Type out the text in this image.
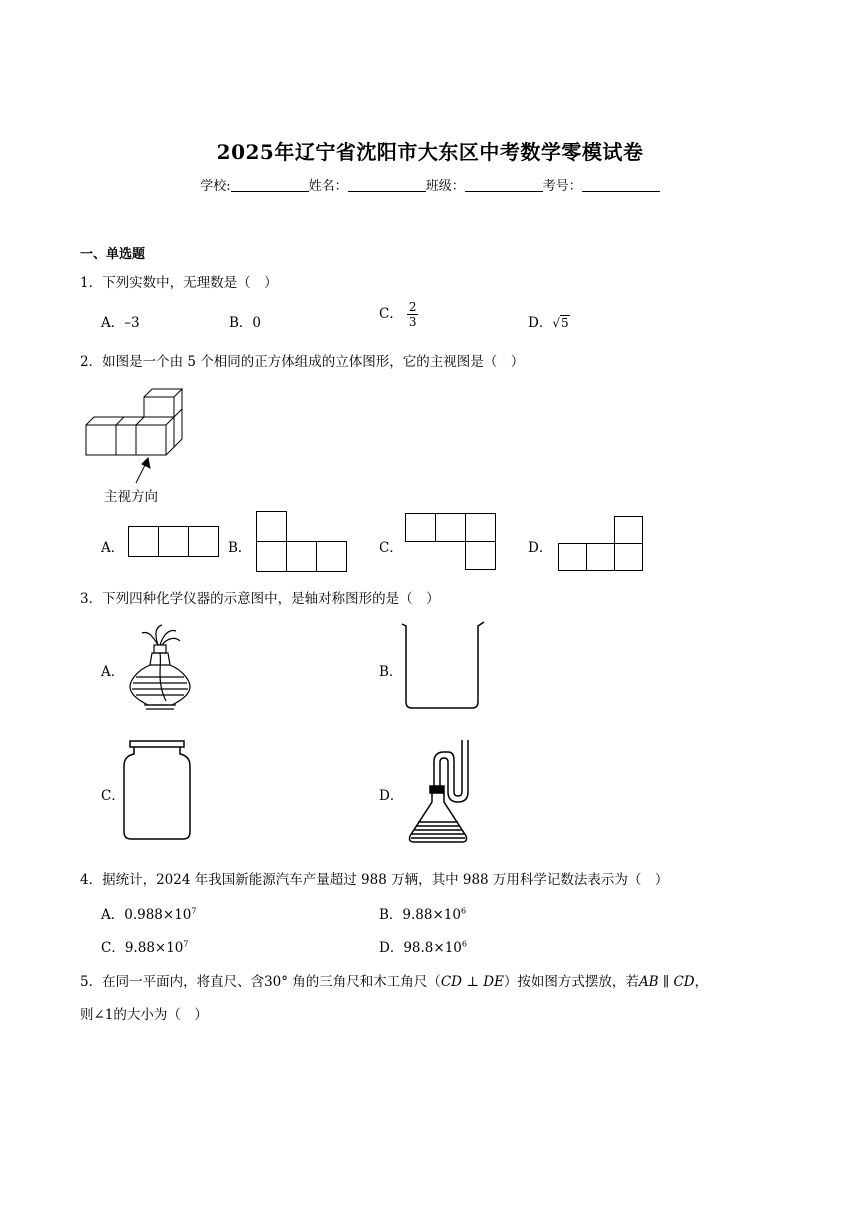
2025年辽宁省沈阳市大东区中考数学零模试卷
学校:	姓名：	班级：	考号：
一、单选题
1．下列实数中，无理数是（　）
A．–3	B．0
C． $\frac{2}{3}$	D．√5
2．如图是一个由 5 个相同的正方体组成的立体图形，它的主视图是（　）
主视方向
A．	B．	C．	D．
3．下列四种化学仪器的示意图中，是轴对称图形的是（　）
A．	B．
C．	D．
4．据统计，2024 年我国新能源汽车产量超过 988 万辆，其中 988 万用科学记数法表示为（　）
A．$0.988\times 10^7$	B．$9.88\times 10^6$
C．$9.88\times 10^7$	D．$98.8\times 10^6$
5．在同一平面内，将直尺、含30° 角的三角尺和木工角尺（CD ⊥ DE）按如图方式摆放，若AB ∥ CD，
则∠1的大小为（　）
